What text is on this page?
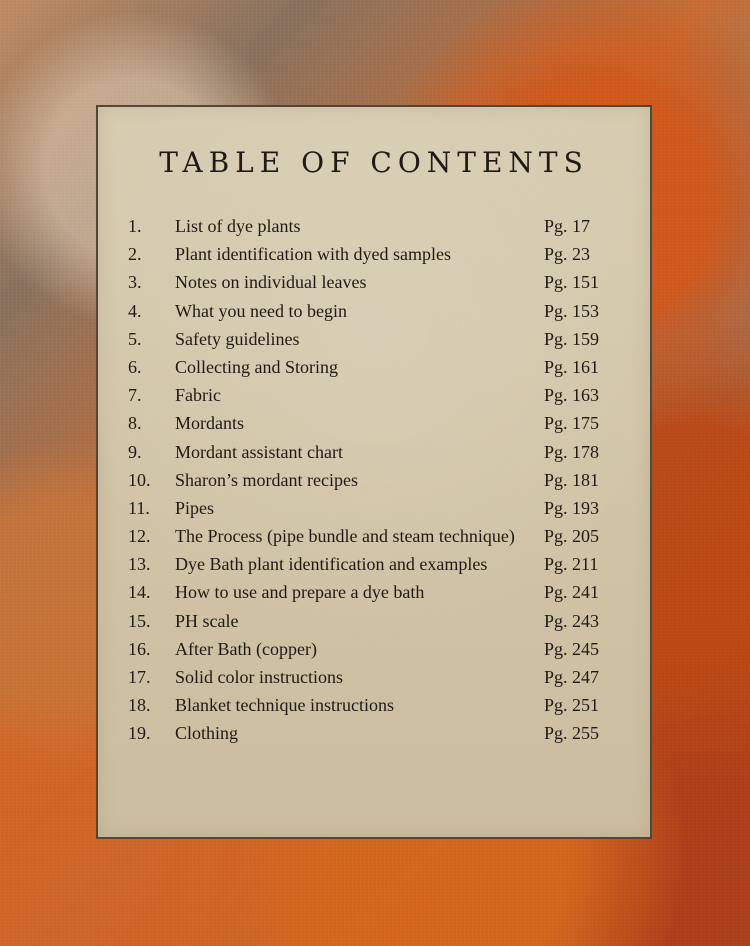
TABLE OF CONTENTS
1.	List of dye plants	Pg. 17
2.	Plant identification with dyed samples	Pg. 23
3.	Notes on individual leaves	Pg. 151
4.	What you need to begin	Pg. 153
5.	Safety guidelines	Pg. 159
6.	Collecting and Storing	Pg. 161
7.	Fabric	Pg. 163
8.	Mordants	Pg. 175
9.	Mordant assistant chart	Pg. 178
10.	Sharon’s mordant recipes	Pg. 181
11.	Pipes	Pg. 193
12.	The Process (pipe bundle and steam technique)	Pg. 205
13.	Dye Bath plant identification and examples	Pg. 211
14.	How to use and prepare a dye bath	Pg. 241
15.	PH scale	Pg. 243
16.	After Bath (copper)	Pg. 245
17.	Solid color instructions	Pg. 247
18.	Blanket technique instructions	Pg. 251
19.	Clothing	Pg. 255
